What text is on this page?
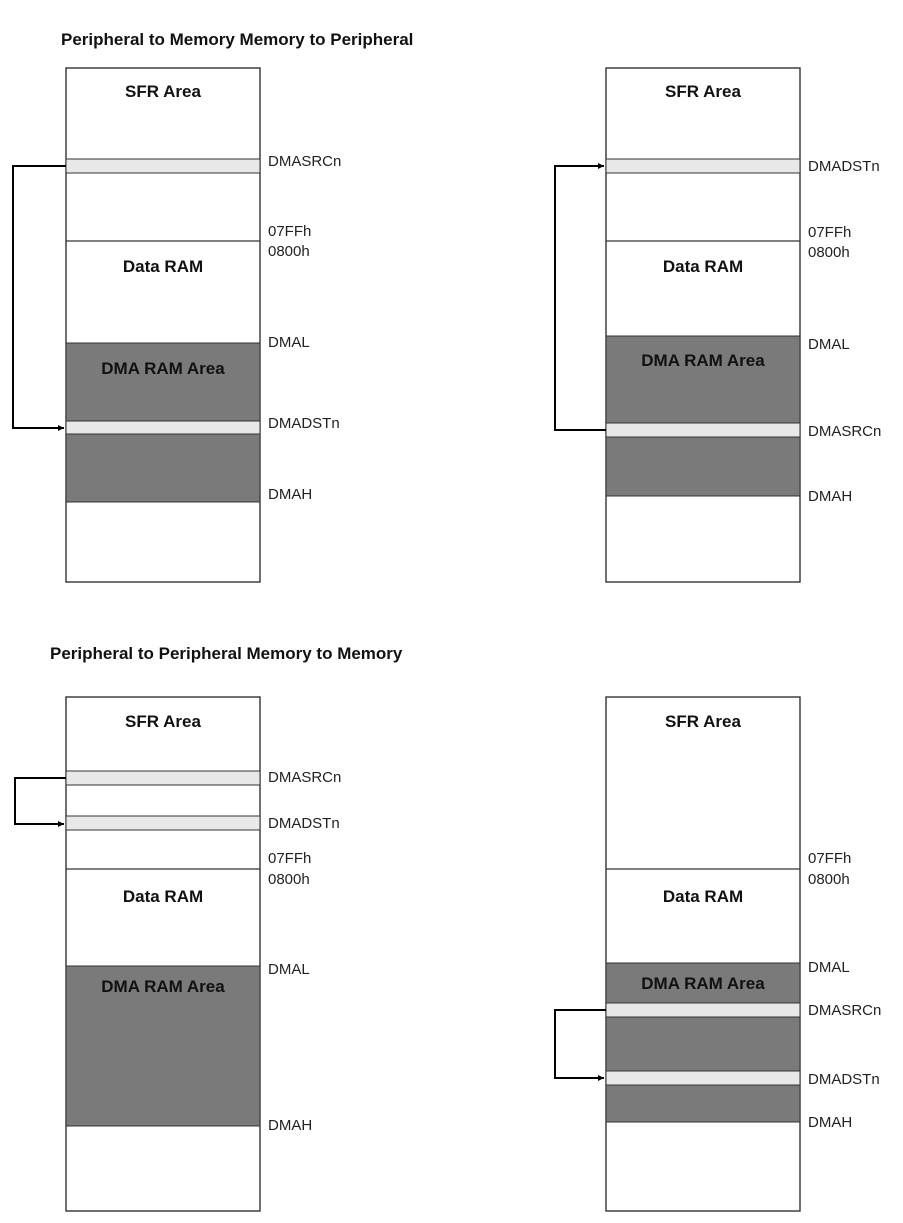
Peripheral to Memory Memory to Peripheral
Peripheral to Peripheral Memory to Memory
SFR Area
Data RAM
DMA RAM Area
DMASRCn
07FFh
0800h
DMAL
DMADSTn
DMAH
SFR Area
Data RAM
DMA RAM Area
DMADSTn
07FFh
0800h
DMAL
DMASRCn
DMAH
SFR Area
Data RAM
DMA RAM Area
DMASRCn
DMADSTn
07FFh
0800h
DMAL
DMAH
SFR Area
Data RAM
DMA RAM Area
07FFh
0800h
DMAL
DMASRCn
DMADSTn
DMAH
